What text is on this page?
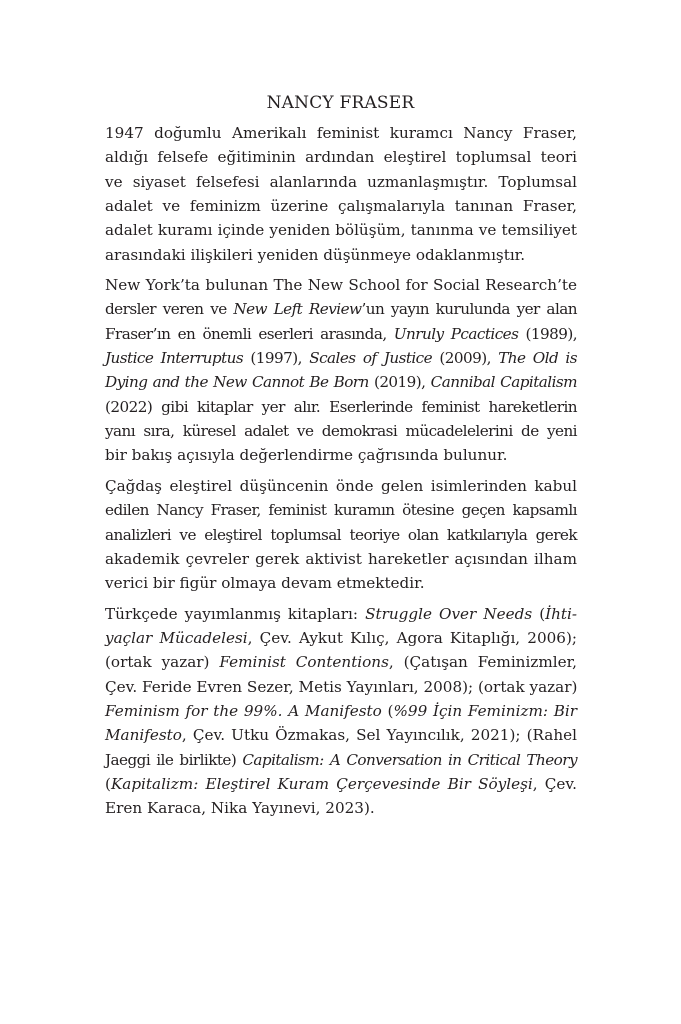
NANCY FRASER

1947 doğumlu Amerikalı feminist kuramcı Nancy Fraser,
aldığı felsefe eğitiminin ardından eleştirel toplumsal teori
ve siyaset felsefesi alanlarında uzmanlaşmıştır. Toplumsal
adalet ve feminizm üzerine çalışmalarıyla tanınan Fraser,
adalet kuramı içinde yeniden bölüşüm, tanınma ve temsiliyet
arasındaki ilişkileri yeniden düşünmeye odaklanmıştır.

New York’ta bulunan The New School for Social Research’te
dersler veren ve New Left Review’un yayın kurulunda yer alan
Fraser’ın en önemli eserleri arasında, Unruly Pcactices (1989),
Justice Interruptus (1997), Scales of Justice (2009), The Old is
Dying and the New Cannot Be Born (2019), Cannibal Capitalism
(2022) gibi kitaplar yer alır. Eserlerinde feminist hareketlerin
yanı sıra, küresel adalet ve demokrasi mücadelelerini de yeni
bir bakış açısıyla değerlendirme çağrısında bulunur.

Çağdaş eleştirel düşüncenin önde gelen isimlerinden kabul
edilen Nancy Fraser, feminist kuramın ötesine geçen kapsamlı
analizleri ve eleştirel toplumsal teoriye olan katkılarıyla gerek
akademik çevreler gerek aktivist hareketler açısından ilham
verici bir figür olmaya devam etmektedir.

Türkçede yayımlanmış kitapları: Struggle Over Needs (İhti-
yaçlar Mücadelesi, Çev. Aykut Kılıç, Agora Kitaplığı, 2006);
(ortak yazar) Feminist Contentions, (Çatışan Feminizmler,
Çev. Feride Evren Sezer, Metis Yayınları, 2008); (ortak yazar)
Feminism for the 99%. A Manifesto (%99 İçin Feminizm: Bir
Manifesto, Çev. Utku Özmakas, Sel Yayıncılık, 2021); (Rahel
Jaeggi ile birlikte) Capitalism: A Conversation in Critical Theory
(Kapitalizm: Eleştirel Kuram Çerçevesinde Bir Söyleşi, Çev.
Eren Karaca, Nika Yayınevi, 2023).
